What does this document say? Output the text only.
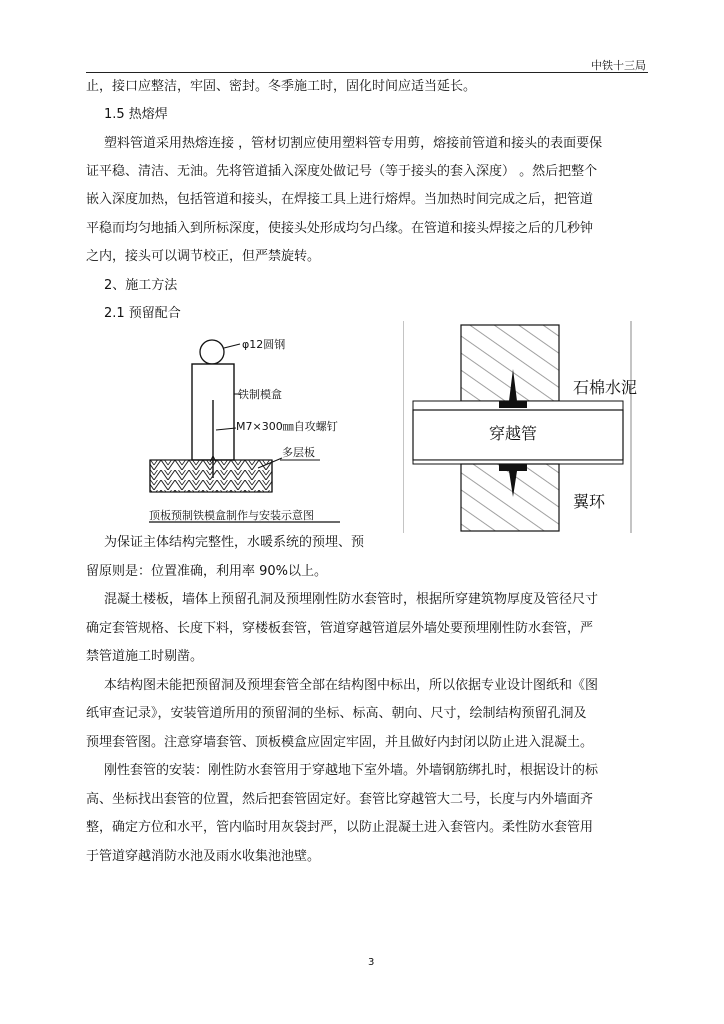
中铁十三局
止，接口应整洁，牢固、密封。冬季施工时，固化时间应适当延长。
1.5 热熔焊
塑料管道采用热熔连接 ，管材切割应使用塑料管专用剪，熔接前管道和接头的表面要保
证平稳、清洁、无油。先将管道插入深度处做记号（等于接头的套入深度） 。然后把整个
嵌入深度加热，包括管道和接头，在焊接工具上进行熔焊。当加热时间完成之后，把管道
平稳而均匀地插入到所标深度，使接头处形成均匀凸缘。在管道和接头焊接之后的几秒钟
之内，接头可以调节校正，但严禁旋转。
2、施工方法
2.1 预留配合
φ12圆钢
铁制模盒
M7×300㎜自攻螺钉
多层板
顶板预制铁模盒制作与安装示意图
石棉水泥
穿越管
翼环
为保证主体结构完整性，水暖系统的预埋、预
留原则是：位置准确，利用率 90%以上。
混凝土楼板，墙体上预留孔洞及预埋刚性防水套管时，根据所穿建筑物厚度及管径尺寸
确定套管规格、长度下料，穿楼板套管，管道穿越管道层外墙处要预埋刚性防水套管，严
禁管道施工时剔凿。
本结构图未能把预留洞及预埋套管全部在结构图中标出，所以依据专业设计图纸和《图
纸审查记录》，安装管道所用的预留洞的坐标、标高、朝向、尺寸，绘制结构预留孔洞及
预埋套管图。注意穿墙套管、顶板模盒应固定牢固，并且做好内封闭以防止进入混凝土。
刚性套管的安装：刚性防水套管用于穿越地下室外墙。外墙钢筋绑扎时，根据设计的标
高、坐标找出套管的位置，然后把套管固定好。套管比穿越管大二号，长度与内外墙面齐
整，确定方位和水平，管内临时用灰袋封严，以防止混凝土进入套管内。柔性防水套管用
于管道穿越消防水池及雨水收集池池壁。
3
